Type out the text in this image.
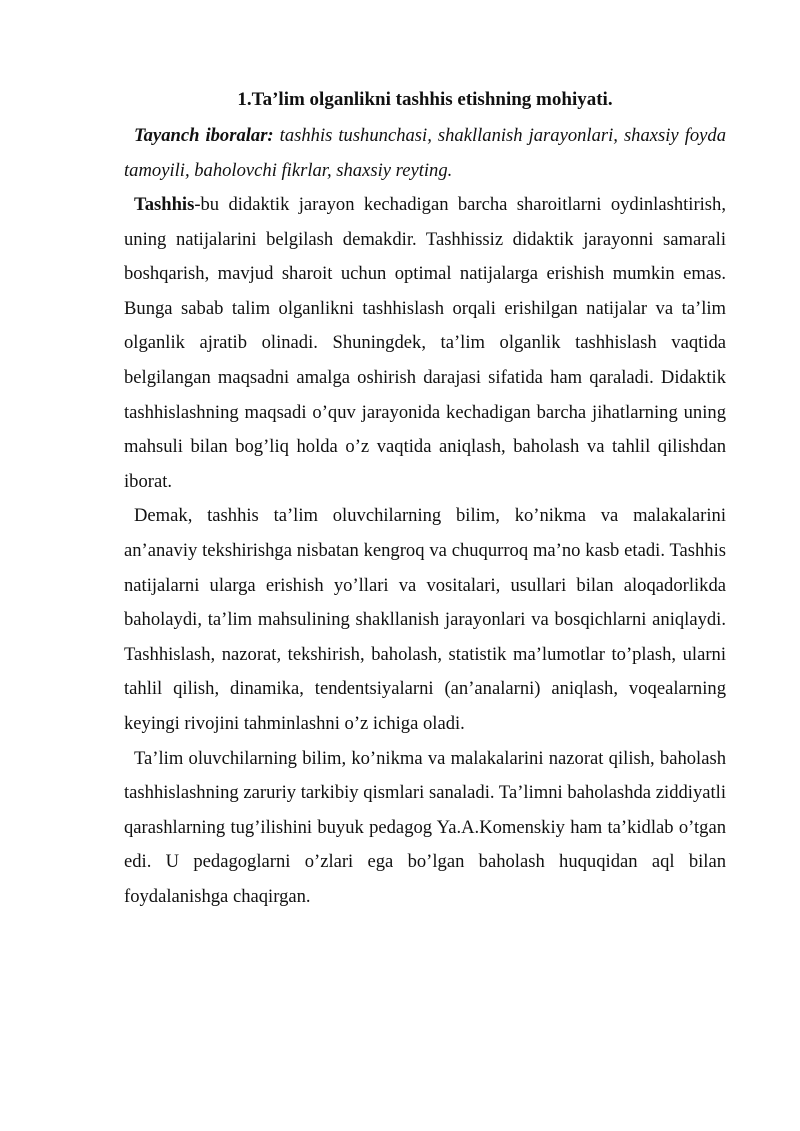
1.Ta’lim olganlikni tashhis etishning mohiyati.

Tayanch iboralar: tashhis tushunchasi, shakllanish jarayonlari, shaxsiy foyda tamoyili, baholovchi fikrlar, shaxsiy reyting.

Tashhis-bu didaktik jarayon kechadigan barcha sharoitlarni oydinlashtirish, uning natijalarini belgilash demakdir. Tashhissiz didaktik jarayonni samarali boshqarish, mavjud sharoit uchun optimal natijalarga erishish mumkin emas. Bunga sabab talim olganlikni tashhislash orqali erishilgan natijalar va ta’lim olganlik ajratib olinadi. Shuningdek, ta’lim olganlik tashhislash vaqtida belgilangan maqsadni amalga oshirish darajasi sifatida ham qaraladi. Didaktik tashhislashning maqsadi o’quv jarayonida kechadigan barcha jihatlarning uning mahsuli bilan bog’liq holda o’z vaqtida aniqlash, baholash va tahlil qilishdan iborat.

Demak, tashhis ta’lim oluvchilarning bilim, ko’nikma va malakalarini an’anaviy tekshirishga nisbatan kengroq va chuqurroq ma’no kasb etadi. Tashhis natijalarni ularga erishish yo’llari va vositalari, usullari bilan aloqadorlikda baholaydi, ta’lim mahsulining shakllanish jarayonlari va bosqichlarni aniqlaydi. Tashhislash, nazorat, tekshirish, baholash, statistik ma’lumotlar to’plash, ularni tahlil qilish, dinamika, tendentsiyalarni (an’analarni) aniqlash, voqealarning keyingi rivojini tahminlashni o’z ichiga oladi.

Ta’lim oluvchilarning bilim, ko’nikma va malakalarini nazorat qilish, baholash tashhislashning zaruriy tarkibiy qismlari sanaladi. Ta’limni baholashda ziddiyatli qarashlarning tug’ilishini buyuk pedagog Ya.A.Komenskiy ham ta’kidlab o’tgan edi. U pedagoglarni o’zlari ega bo’lgan baholash huquqidan aql bilan foydalanishga chaqirgan.
